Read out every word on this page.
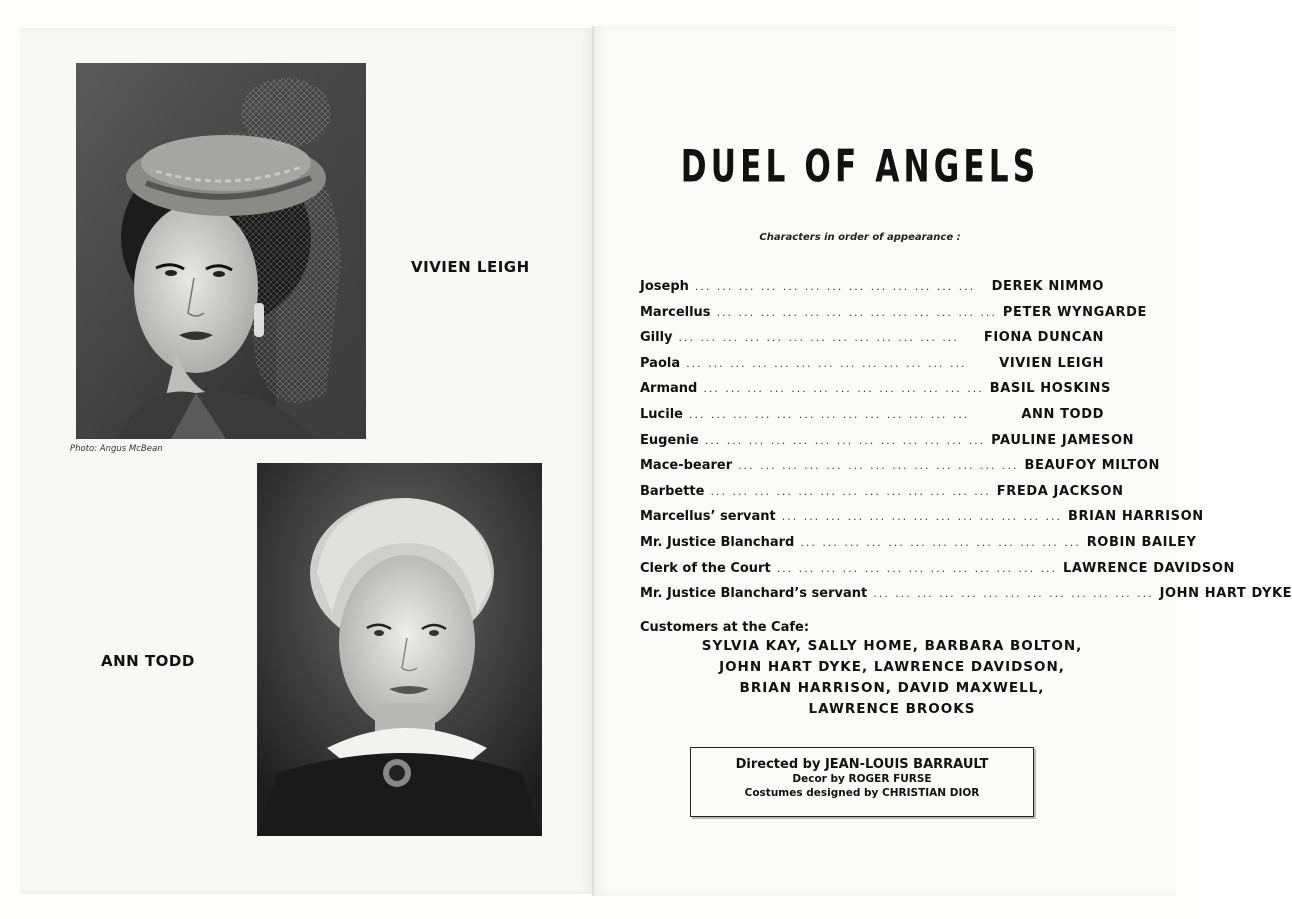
Photo: Angus McBean
VIVIEN LEIGH
ANN TODD
DUEL OF ANGELS
Characters in order of appearance :
Joseph ... ... ... ... ... ... ... ... ... ... ... ... ...	DEREK NIMMO
Marcellus ... ... ... ... ... ... ... ... ... ... ... ... ... PETER WYNGARDE
Gilly ... ... ... ... ... ... ... ... ... ... ... ... ...	FIONA DUNCAN
Paola ... ... ... ... ... ... ... ... ... ... ... ... ...	VIVIEN LEIGH
Armand ... ... ... ... ... ... ... ... ... ... ... ... ... BASIL HOSKINS
Lucile ... ... ... ... ... ... ... ... ... ... ... ... ...	ANN TODD
Eugenie ... ... ... ... ... ... ... ... ... ... ... ... ... PAULINE JAMESON
Mace-bearer ... ... ... ... ... ... ... ... ... ... ... ... ... BEAUFOY MILTON
Barbette ... ... ... ... ... ... ... ... ... ... ... ... ... FREDA JACKSON
Marcellus’ servant ... ... ... ... ... ... ... ... ... ... ... ... ... BRIAN HARRISON
Mr. Justice Blanchard ... ... ... ... ... ... ... ... ... ... ... ... ... ROBIN BAILEY
Clerk of the Court ... ... ... ... ... ... ... ... ... ... ... ... ... LAWRENCE DAVIDSON
Mr. Justice Blanchard’s servant ... ... ... ... ... ... ... ... ... ... ... ... ... JOHN HART DYKE
Customers at the Cafe:
SYLVIA KAY, SALLY HOME, BARBARA BOLTON,
JOHN HART DYKE, LAWRENCE DAVIDSON,
BRIAN HARRISON, DAVID MAXWELL,
LAWRENCE BROOKS
Directed by JEAN-LOUIS BARRAULT
Decor by ROGER FURSE
Costumes designed by CHRISTIAN DIOR
